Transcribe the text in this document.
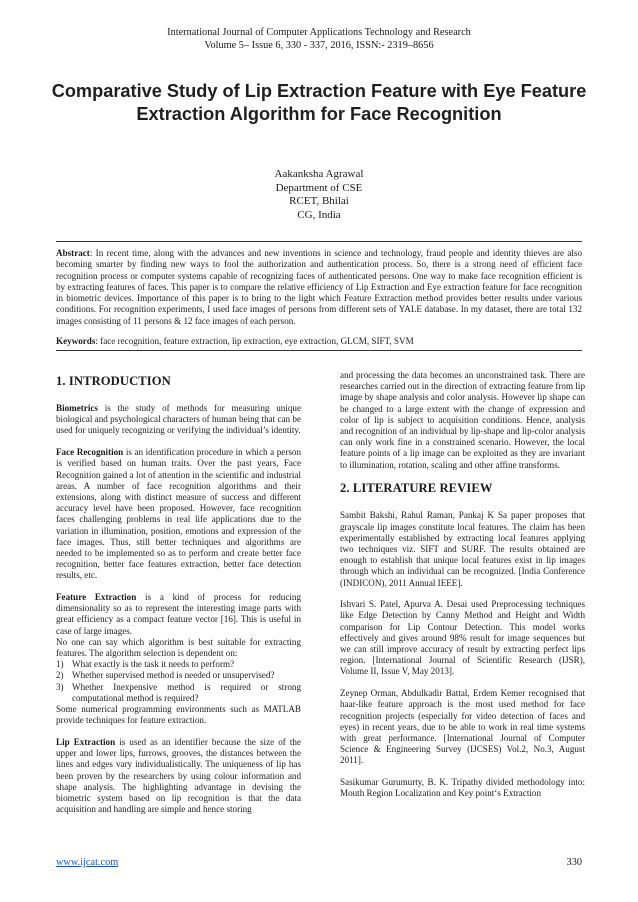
International Journal of Computer Applications Technology and Research
Volume 5– Issue 6, 330 - 337, 2016, ISSN:- 2319–8656
Comparative Study of Lip Extraction Feature with Eye Feature Extraction Algorithm for Face Recognition
Aakanksha Agrawal
Department of CSE
RCET, Bhilai
CG, India
Abstract: In recent time, along with the advances and new inventions in science and technology, fraud people and identity thieves are also becoming smarter by finding new ways to fool the authorization and authentication process. So, there is a strong need of efficient face recognition process or computer systems capable of recognizing faces of authenticated persons. One way to make face recognition efficient is by extracting features of faces. This paper is to compare the relative efficiency of Lip Extraction and Eye extraction feature for face recognition in biometric devices. Importance of this paper is to bring to the light which Feature Extraction method provides better results under various conditions. For recognition experiments, I used face images of persons from different sets of YALE database. In my dataset, there are total 132 images consisting of 11 persons & 12 face images of each person.
Keywords: face recognition, feature extraction, lip extraction, eye extraction, GLCM, SIFT, SVM
1. INTRODUCTION

Biometrics is the study of methods for measuring unique biological and psychological characters of human being that can be used for uniquely recognizing or verifying the individual’s identity.

Face Recognition is an identification procedure in which a person is verified based on human traits. Over the past years, Face Recognition gained a lot of attention in the scientific and industrial areas. A number of face recognition algorithms and their extensions, along with distinct measure of success and different accuracy level have been proposed. However, face recognition faces challenging problems in real life applications due to the variation in illumination, position, emotions and expression of the face images. Thus, still better techniques and algorithms are needed to be implemented so as to perform and create better face recognition, better face features extraction, better face detection results, etc.

Feature Extraction is a kind of process for reducing dimensionality so as to represent the interesting image parts with great efficiency as a compact feature vector [16]. This is useful in case of large images.

No one can say which algorithm is best suitable for extracting features. The algorithm selection is dependent on:

1) What exactly is the task it needs to perform?
2) Whether supervised method is needed or unsupervised?
3) Whether Inexpensive method is required or strong computational method is required?

Some numerical programming environments such as MATLAB provide techniques for feature extraction.

Lip Extraction is used as an identifier because the size of the upper and lower lips, furrows, grooves, the distances between the lines and edges vary individualistically. The uniqueness of lip has been proven by the researchers by using colour information and shape analysis. The highlighting advantage in devising the biometric system based on lip recognition is that the data acquisition and handling are simple and hence storing

and processing the data becomes an unconstrained task. There are researches carried out in the direction of extracting feature from lip image by shape analysis and color analysis. However lip shape can be changed to a large extent with the change of expression and color of lip is subject to acquisition conditions. Hence, analysis and recognition of an individual by lip-shape and lip-color analysis can only work fine in a constrained scenario. However, the local feature points of a lip image can be exploited as they are invariant to illumination, rotation, scaling and other affine transforms.

2. LITERATURE REVIEW

Sambit Bakshi, Rahul Raman, Pankaj K Sa paper proposes that grayscale lip images constitute local features. The claim has been experimentally established by extracting local features applying two techniques viz. SIFT and SURF. The results obtained are enough to establish that unique local features exist in lip images through which an individual can be recognized. [India Conference (INDICON), 2011 Annual IEEE].

Ishvari S. Patel, Apurva A. Desai used Preprocessing techniques like Edge Detection by Canny Method and Height and Width comparison for Lip Contour Detection. This model works effectively and gives around 98% result for image sequences but we can still improve accuracy of result by extracting perfect lips region. [International Journal of Scientific Research (IJSR), Volume II, Issue V, May 2013].

Zeynep Orman, Abdulkadir Battal, Erdem Kemer recognised that haar-like feature approach is the most used method for face recognition projects (especially for video detection of faces and eyes) in recent years, due to be able to work in real time systems with great performance. [International Journal of Computer Science & Engineering Survey (IJCSES) Vol.2, No.3, August 2011].

Sasikumar Gurumurty, B. K. Tripathy divided methodology into: Mouth Region Localization and Key point‘s Extraction

www.ijcat.com	330
